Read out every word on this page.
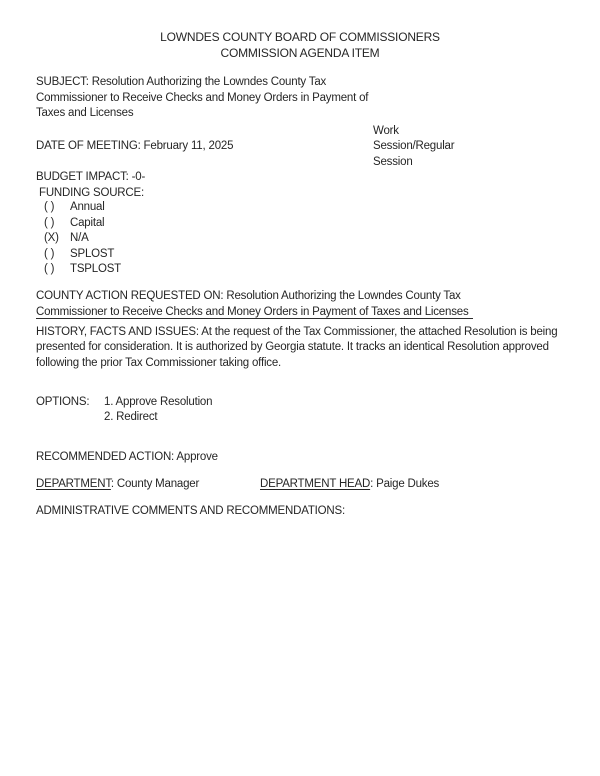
LOWNDES COUNTY BOARD OF COMMISSIONERS
COMMISSION AGENDA ITEM
SUBJECT: Resolution Authorizing the Lowndes County Tax
Commissioner to Receive Checks and Money Orders in Payment of
Taxes and Licenses
Work
Session/Regular
Session
DATE OF MEETING: February 11, 2025
BUDGET IMPACT: -0-
FUNDING SOURCE:
( ) Annual
( ) Capital
(X) N/A
( ) SPLOST
( ) TSPLOST
COUNTY ACTION REQUESTED ON: Resolution Authorizing the Lowndes County Tax
Commissioner to Receive Checks and Money Orders in Payment of Taxes and Licenses
HISTORY, FACTS AND ISSUES: At the request of the Tax Commissioner, the attached Resolution is being
presented for consideration. It is authorized by Georgia statute. It tracks an identical Resolution approved
following the prior Tax Commissioner taking office.
OPTIONS: 1. Approve Resolution
2. Redirect
RECOMMENDED ACTION: Approve
DEPARTMENT: County Manager	DEPARTMENT HEAD: Paige Dukes
ADMINISTRATIVE COMMENTS AND RECOMMENDATIONS:
